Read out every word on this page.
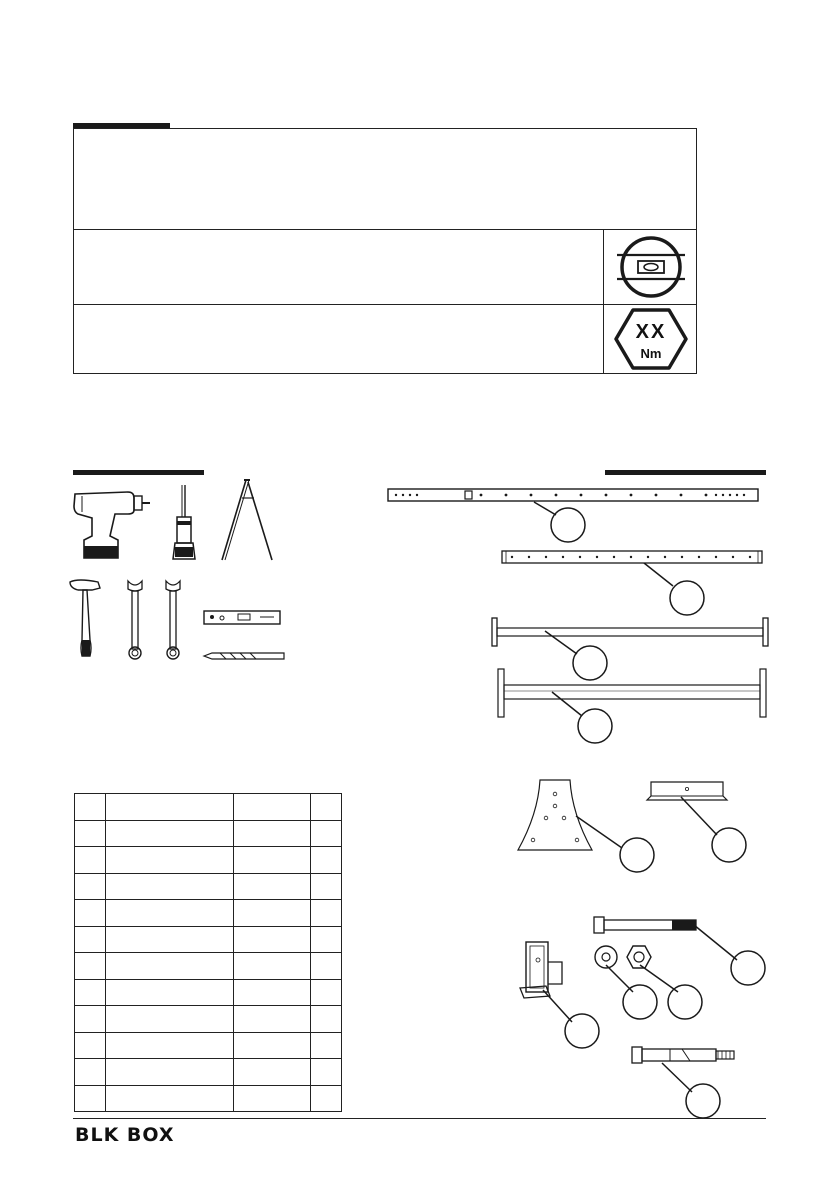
XX
Nm

BLK BOX
